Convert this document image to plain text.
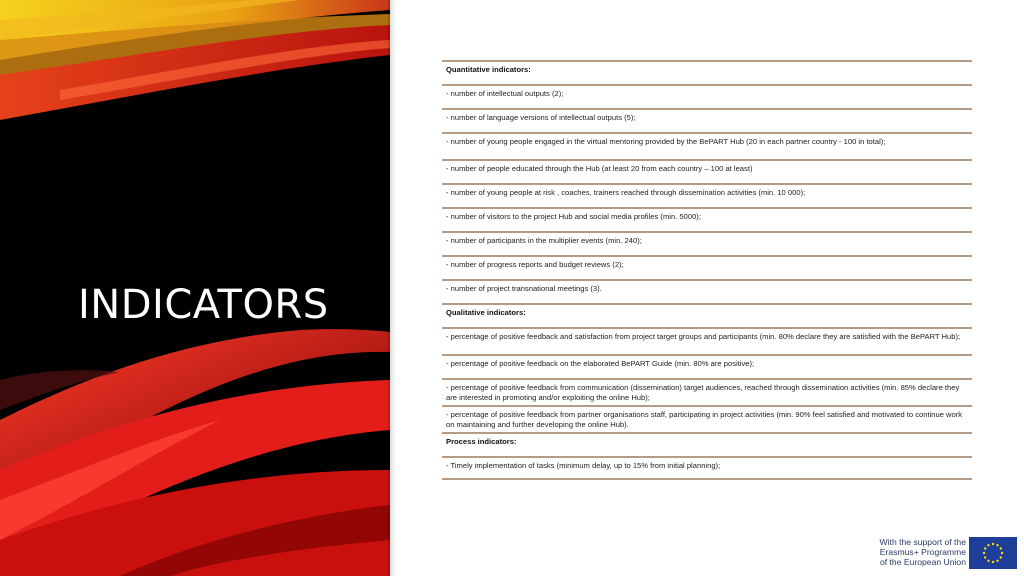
INDICATORS
Quantitative indicators:
- number of intellectual outputs (2);
- number of language versions of intellectual outputs (5);
- number of young people engaged in the virtual mentoring provided by the BePART Hub (20 in each partner country - 100 in total);
- number of people educated through the Hub (at least 20 from each country – 100 at least)
- number of young people at risk , coaches, trainers reached through dissemination activities (min. 10 000);
- number of visitors to the project Hub and social media profiles (min. 5000);
- number of participants in the multiplier events (min. 240);
- number of progress reports and budget reviews (2);
- number of project transnational meetings (3).
Qualitative indicators:
- percentage of positive feedback and satisfaction from project target groups and participants (min. 80% declare they are satisfied with the BePART Hub);
- percentage of positive feedback on the elaborated BePART Guide (min. 80% are positive);
- percentage of positive feedback from communication (dissemination) target audiences, reached through dissemination activities (min. 85% declare they are interested in promoting and/or exploiting the online Hub);
- percentage of positive feedback from partner organisations staff, participating in project activities (min. 90% feel satisfied and motivated to continue work on maintaining and further developing the online Hub).
Process indicators:
- Timely implementation of tasks (minimum delay, up to 15% from initial planning);
With the support of the
Erasmus+ Programme
of the European Union
